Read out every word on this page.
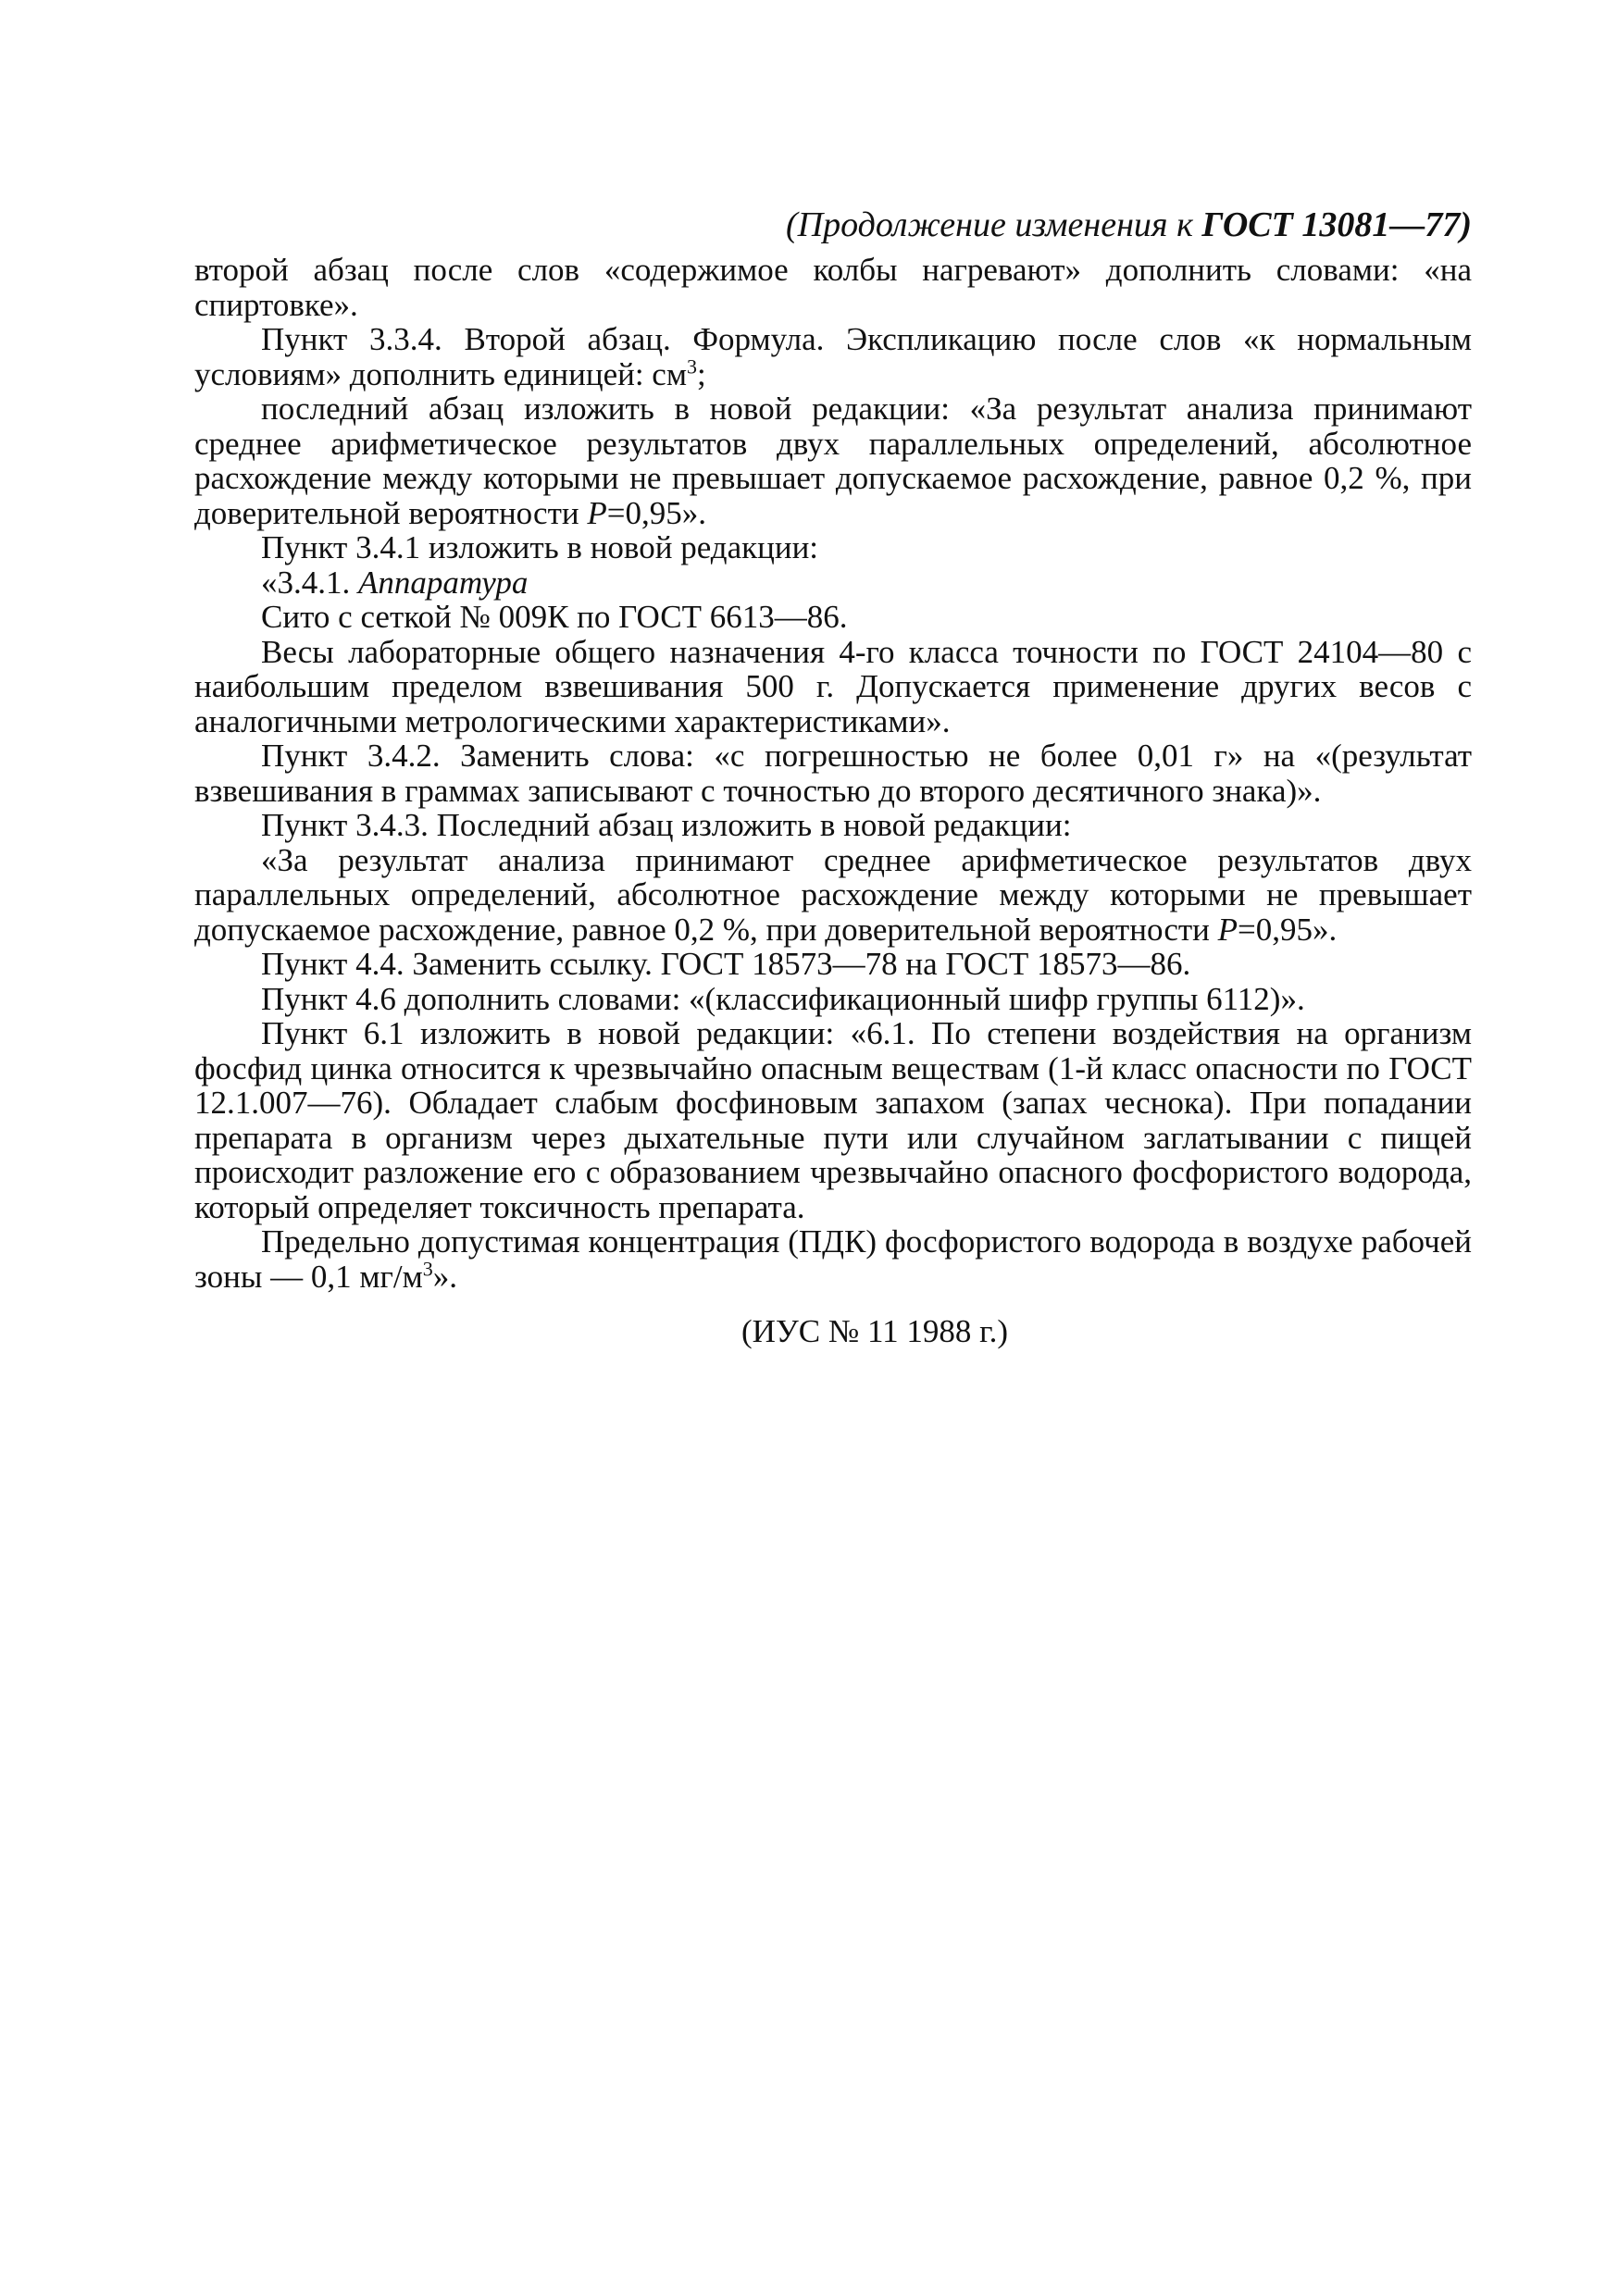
(Продолжение изменения к ГОСТ 13081—77)

второй абзац после слов «содержимое колбы нагревают» дополнить словами: «на спиртовке».

Пункт 3.3.4. Второй абзац. Формула. Экспликацию после слов «к нормальным условиям» дополнить единицей: $см^3$;

последний абзац изложить в новой редакции: «За результат анализа принимают среднее арифметическое результатов двух параллельных определений, абсолютное расхождение между которыми не превышает допускаемое расхождение, равное 0,2 %, при доверительной вероятности P=0,95».

Пункт 3.4.1 изложить в новой редакции:

«3.4.1. Аппаратура

Сито с сеткой № 009К по ГОСТ 6613—86.

Весы лабораторные общего назначения 4-го класса точности по ГОСТ 24104—80 с наибольшим пределом взвешивания 500 г. Допускается применение других весов с аналогичными метрологическими характеристиками».

Пункт 3.4.2. Заменить слова: «с погрешностью не более 0,01 г» на «(результат взвешивания в граммах записывают с точностью до второго десятичного знака)».

Пункт 3.4.3. Последний абзац изложить в новой редакции:

«За результат анализа принимают среднее арифметическое результатов двух параллельных определений, абсолютное расхождение между которыми не превышает допускаемое расхождение, равное 0,2 %, при доверительной вероятности P=0,95».

Пункт 4.4. Заменить ссылку. ГОСТ 18573—78 на ГОСТ 18573—86.

Пункт 4.6 дополнить словами: «(классификационный шифр группы 6112)».

Пункт 6.1 изложить в новой редакции: «6.1. По степени воздействия на организм фосфид цинка относится к чрезвычайно опасным веществам (1-й класс опасности по ГОСТ 12.1.007—76). Обладает слабым фосфиновым запахом (запах чеснока). При попадании препарата в организм через дыхательные пути или случайном заглатывании с пищей происходит разложение его с образованием чрезвычайно опасного фосфористого водорода, который определяет токсичность препарата.

Предельно допустимая концентрация (ПДК) фосфористого водорода в воздухе рабочей зоны — 0,1 $мг/м^3$».

(ИУС № 11 1988 г.)
